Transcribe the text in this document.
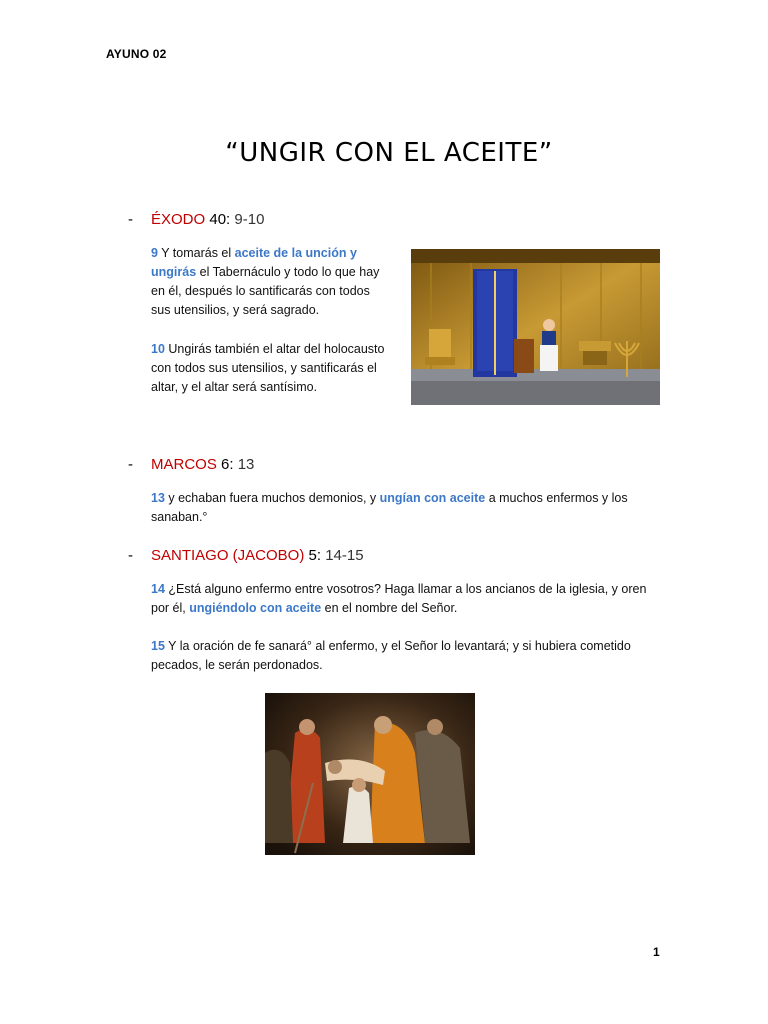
AYUNO 02
“UNGIR CON EL ACEITE”
- ÉXODO 40: 9-10
9 Y tomarás el aceite de la unción y ungirás el Tabernáculo y todo lo que hay en él, después lo santificarás con todos sus utensilios, y será sagrado.
10 Ungirás también el altar del holocausto con todos sus utensilios, y santificarás el altar, y el altar será santísimo.
- MARCOS 6: 13
13 y echaban fuera muchos demonios, y ungían con aceite a muchos enfermos y los sanaban.°
- SANTIAGO (JACOBO) 5: 14-15
14 ¿Está alguno enfermo entre vosotros? Haga llamar a los ancianos de la iglesia, y oren por él, ungiéndolo con aceite en el nombre del Señor.
15 Y la oración de fe sanará° al enfermo, y el Señor lo levantará; y si hubiera cometido pecados, le serán perdonados.
1
